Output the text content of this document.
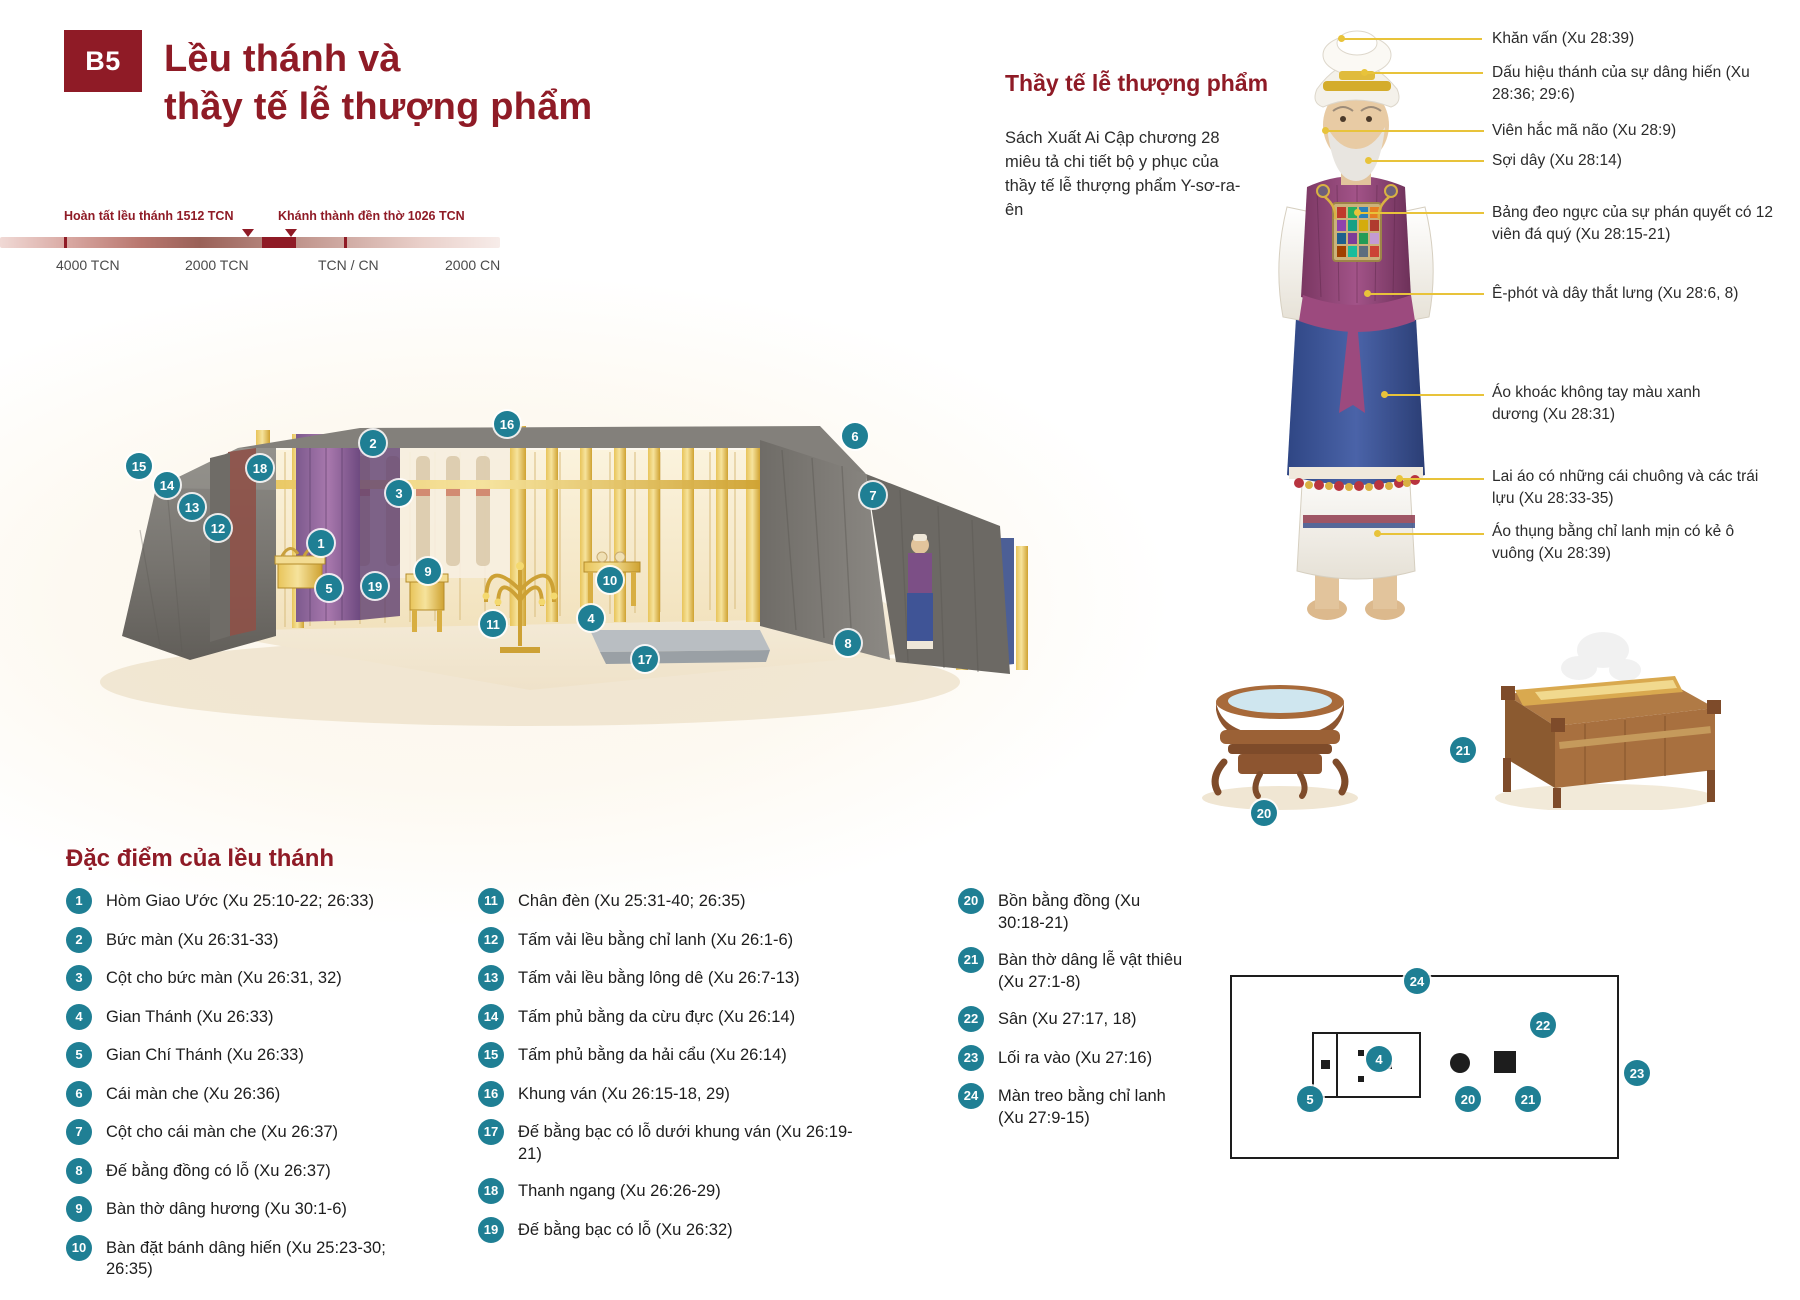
B5	Lều thánh và
thầy tế lễ thượng phẩm
Hoàn tất lều thánh 1512 TCN	Khánh thành đền thờ 1026 TCN
4000 TCN	2000 TCN	TCN / CN	2000 CN
1
2
3
4
5
6
7
8
9
10
11
12
13
14
15
16
17
18
19
20
21
Thầy tế lễ thượng phẩm
Sách Xuất Ai Cập chương 28 miêu tả chi tiết bộ y phục của thầy tế lễ thượng phẩm Y-sơ-ra-ên
Khăn vấn (Xu 28:39)
Dấu hiệu thánh của sự dâng hiến (Xu 28:36; 29:6)
Viên hắc mã não (Xu 28:9)
Sợi dây (Xu 28:14)
Bảng đeo ngực của sự phán quyết có 12 viên đá quý (Xu 28:15-21)
Ê-phót và dây thắt lưng (Xu 28:6, 8)
Áo khoác không tay màu xanh dương (Xu 28:31)
Lai áo có những cái chuông và các trái lựu (Xu 28:33-35)
Áo thụng bằng chỉ lanh mịn có kẻ ô vuông (Xu 28:39)
Đặc điểm của lều thánh
1	Hòm Giao Ước (Xu 25:10-22; 26:33)
2	Bức màn (Xu 26:31-33)
3	Cột cho bức màn (Xu 26:31, 32)
4	Gian Thánh (Xu 26:33)
5	Gian Chí Thánh (Xu 26:33)
6	Cái màn che (Xu 26:36)
7	Cột cho cái màn che (Xu 26:37)
8	Đế bằng đồng có lỗ (Xu 26:37)
9	Bàn thờ dâng hương (Xu 30:1-6)
10	Bàn đặt bánh dâng hiến (Xu 25:23-30; 26:35)
11	Chân đèn (Xu 25:31-40; 26:35)
12	Tấm vải lều bằng chỉ lanh (Xu 26:1-6)
13	Tấm vải lều bằng lông dê (Xu 26:7-13)
14	Tấm phủ bằng da cừu đực (Xu 26:14)
15	Tấm phủ bằng da hải cẩu (Xu 26:14)
16	Khung ván (Xu 26:15-18, 29)
17	Đế bằng bạc có lỗ dưới khung ván (Xu 26:19-21)
18	Thanh ngang (Xu 26:26-29)
19	Đế bằng bạc có lỗ (Xu 26:32)
20	Bồn bằng đồng (Xu 30:18-21)
21	Bàn thờ dâng lễ vật thiêu (Xu 27:1-8)
22	Sân (Xu 27:17, 18)
23	Lối ra vào (Xu 27:16)
24	Màn treo bằng chỉ lanh (Xu 27:9-15)
24
22
23
4
5	20	21
